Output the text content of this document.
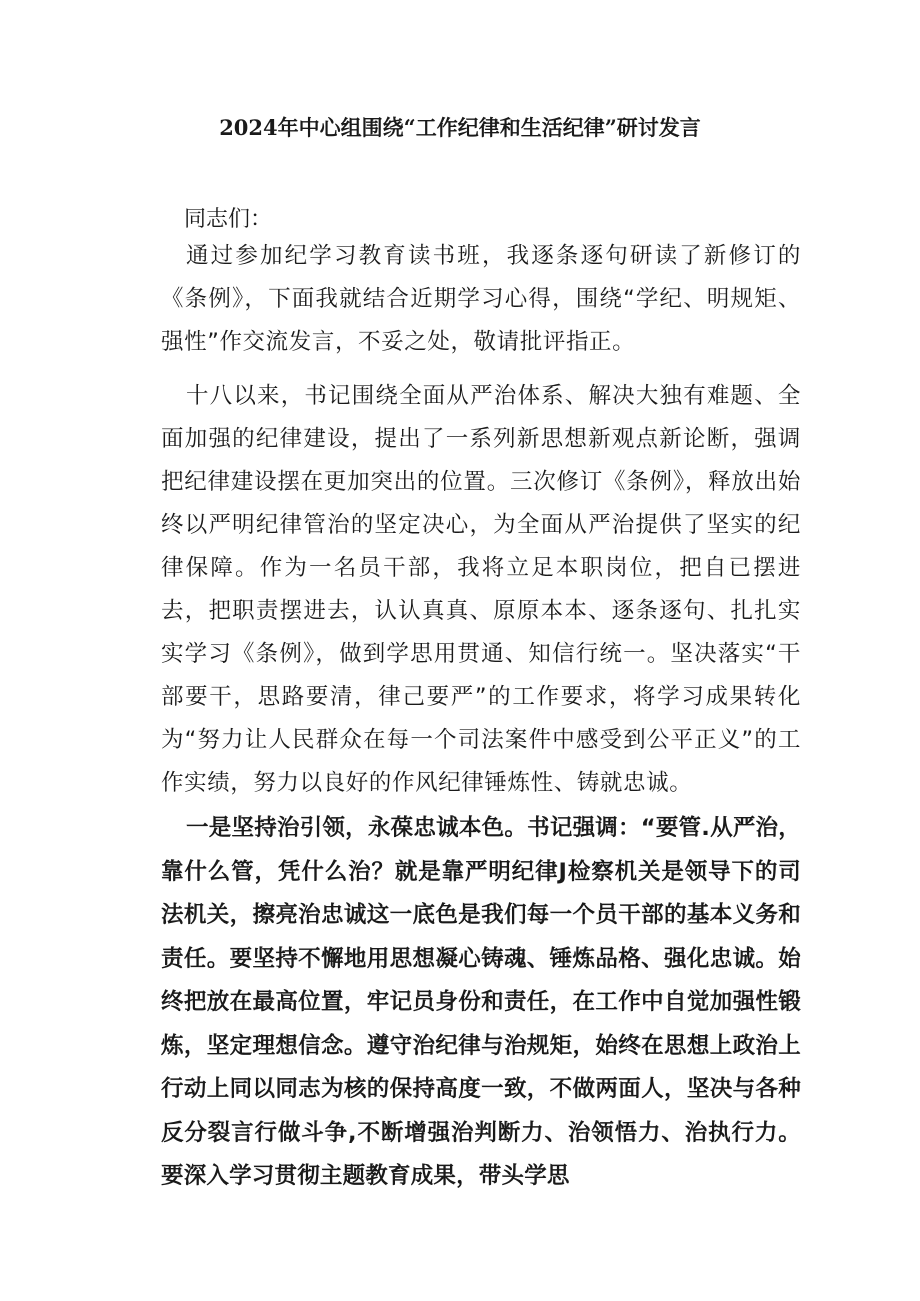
2024年中心组围绕“工作纪律和生活纪律”研讨发言
同志们：

通过参加纪学习教育读书班，我逐条逐句研读了新修订的《条例》，下面我就结合近期学习心得，围绕“学纪、明规矩、强性”作交流发言，不妥之处，敬请批评指正。

十八以来，书记围绕全面从严治体系、解决大独有难题、全面加强的纪律建设，提出了一系列新思想新观点新论断，强调把纪律建设摆在更加突出的位置。三次修订《条例》，释放出始终以严明纪律管治的坚定决心，为全面从严治提供了坚实的纪律保障。作为一名员干部，我将立足本职岗位，把自已摆进去，把职责摆进去，认认真真、原原本本、逐条逐句、扎扎实实学习《条例》，做到学思用贯通、知信行统一。坚决落实“干部要干，思路要清，律己要严”的工作要求，将学习成果转化为“努力让人民群众在每一个司法案件中感受到公平正义”的工作实绩，努力以良好的作风纪律锤炼性、铸就忠诚。

一是坚持治引领，永葆忠诚本色。书记强调：“要管.从严治，靠什么管，凭什么治？就是靠严明纪律J检察机关是领导下的司法机关，擦亮治忠诚这一底色是我们每一个员干部的基本义务和责任。要坚持不懈地用思想凝心铸魂、锤炼品格、强化忠诚。始终把放在最高位置，牢记员身份和责任，在工作中自觉加强性锻炼，坚定理想信念。遵守治纪律与治规矩，始终在思想上政治上行动上同以同志为核的保持高度一致，不做两面人，坚决与各种反分裂言行做斗争,不断增强治判断力、治领悟力、治执行力。要深入学习贯彻主题教育成果，带头学思
